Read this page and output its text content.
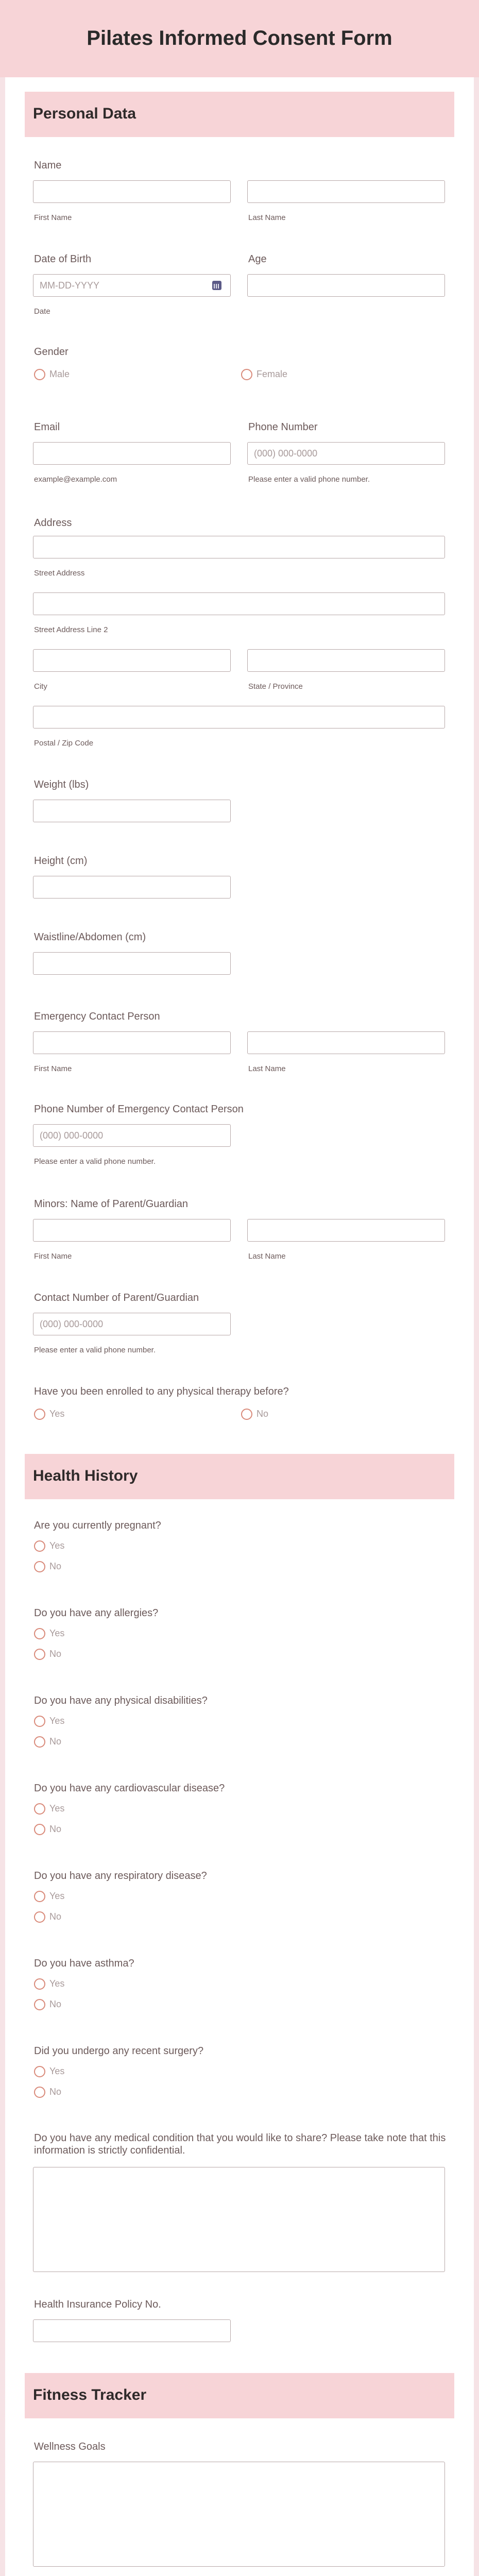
Pilates Informed Consent Form
Personal Data
Name
First Name	Last Name
Date of Birth
MM-DD-YYYY
Date
Age
Gender
Male	Female
Email
example@example.com
Phone Number
(000) 000-0000
Please enter a valid phone number.
Address
Street Address
Street Address Line 2
City	State / Province
Postal / Zip Code
Weight (lbs)
Height (cm)
Waistline/Abdomen (cm)
Emergency Contact Person
First Name	Last Name
Phone Number of Emergency Contact Person
(000) 000-0000
Please enter a valid phone number.
Minors: Name of Parent/Guardian
First Name	Last Name
Contact Number of Parent/Guardian
(000) 000-0000
Please enter a valid phone number.
Have you been enrolled to any physical therapy before?
Yes	No
Health History
Are you currently pregnant?
Yes
No
Do you have any allergies?
Yes
No
Do you have any physical disabilities?
Yes
No
Do you have any cardiovascular disease?
Yes
No
Do you have any respiratory disease?
Yes
No
Do you have asthma?
Yes
No
Did you undergo any recent surgery?
Yes
No
Do you have any medical condition that you would like to share? Please take note that this information is strictly confidential.
Health Insurance Policy No.
Fitness Tracker
Wellness Goals
